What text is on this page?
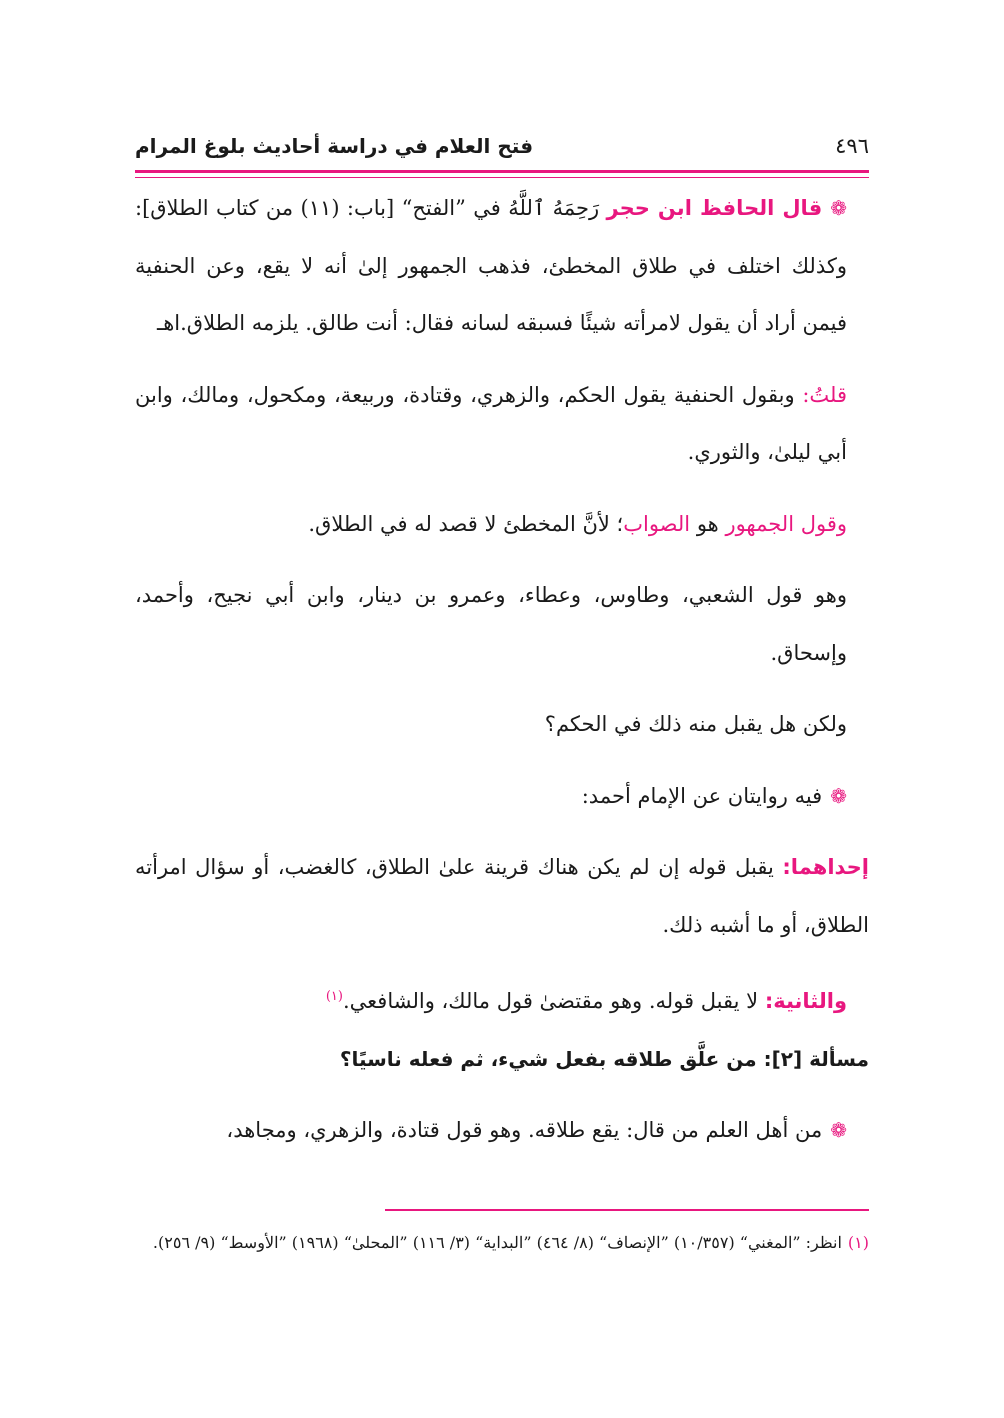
٤٩٦
فتح العلام في دراسة أحاديث بلوغ المرام

❁قال الحافظ ابن حجر رَحِمَهُ ٱللَّهُ في ”الفتح“ [باب: (١١) من كتاب الطلاق]: وكذلك اختلف في طلاق المخطئ، فذهب الجمهور إلىٰ أنه لا يقع، وعن الحنفية فيمن أراد أن يقول لامرأته شيئًا فسبقه لسانه فقال: أنت طالق. يلزمه الطلاق.اهـ

قلتُ: وبقول الحنفية يقول الحكم، والزهري، وقتادة، وربيعة، ومكحول، ومالك، وابن أبي ليلىٰ، والثوري.

وقول الجمهور هو الصواب؛ لأنَّ المخطئ لا قصد له في الطلاق.

وهو قول الشعبي، وطاوس، وعطاء، وعمرو بن دينار، وابن أبي نجيح، وأحمد، وإسحاق.

ولكن هل يقبل منه ذلك في الحكم؟

❁فيه روايتان عن الإمام أحمد:

إحداهما: يقبل قوله إن لم يكن هناك قرينة علىٰ الطلاق، كالغضب، أو سؤال امرأته الطلاق، أو ما أشبه ذلك.

والثانية: لا يقبل قوله. وهو مقتضىٰ قول مالك، والشافعي.$^{(١)}$

مسألة [٢]: من علَّق طلاقه بفعل شيء، ثم فعله ناسيًا؟

❁من أهل العلم من قال: يقع طلاقه. وهو قول قتادة، والزهري، ومجاهد،

(١)انظر: ”المغني“ (١٠/٣٥٧) ”الإنصاف“ (٨/ ٤٦٤) ”البداية“ (٣/ ١١٦) ”المحلىٰ“ (١٩٦٨) ”الأوسط“ (٩/ ٢٥٦).
